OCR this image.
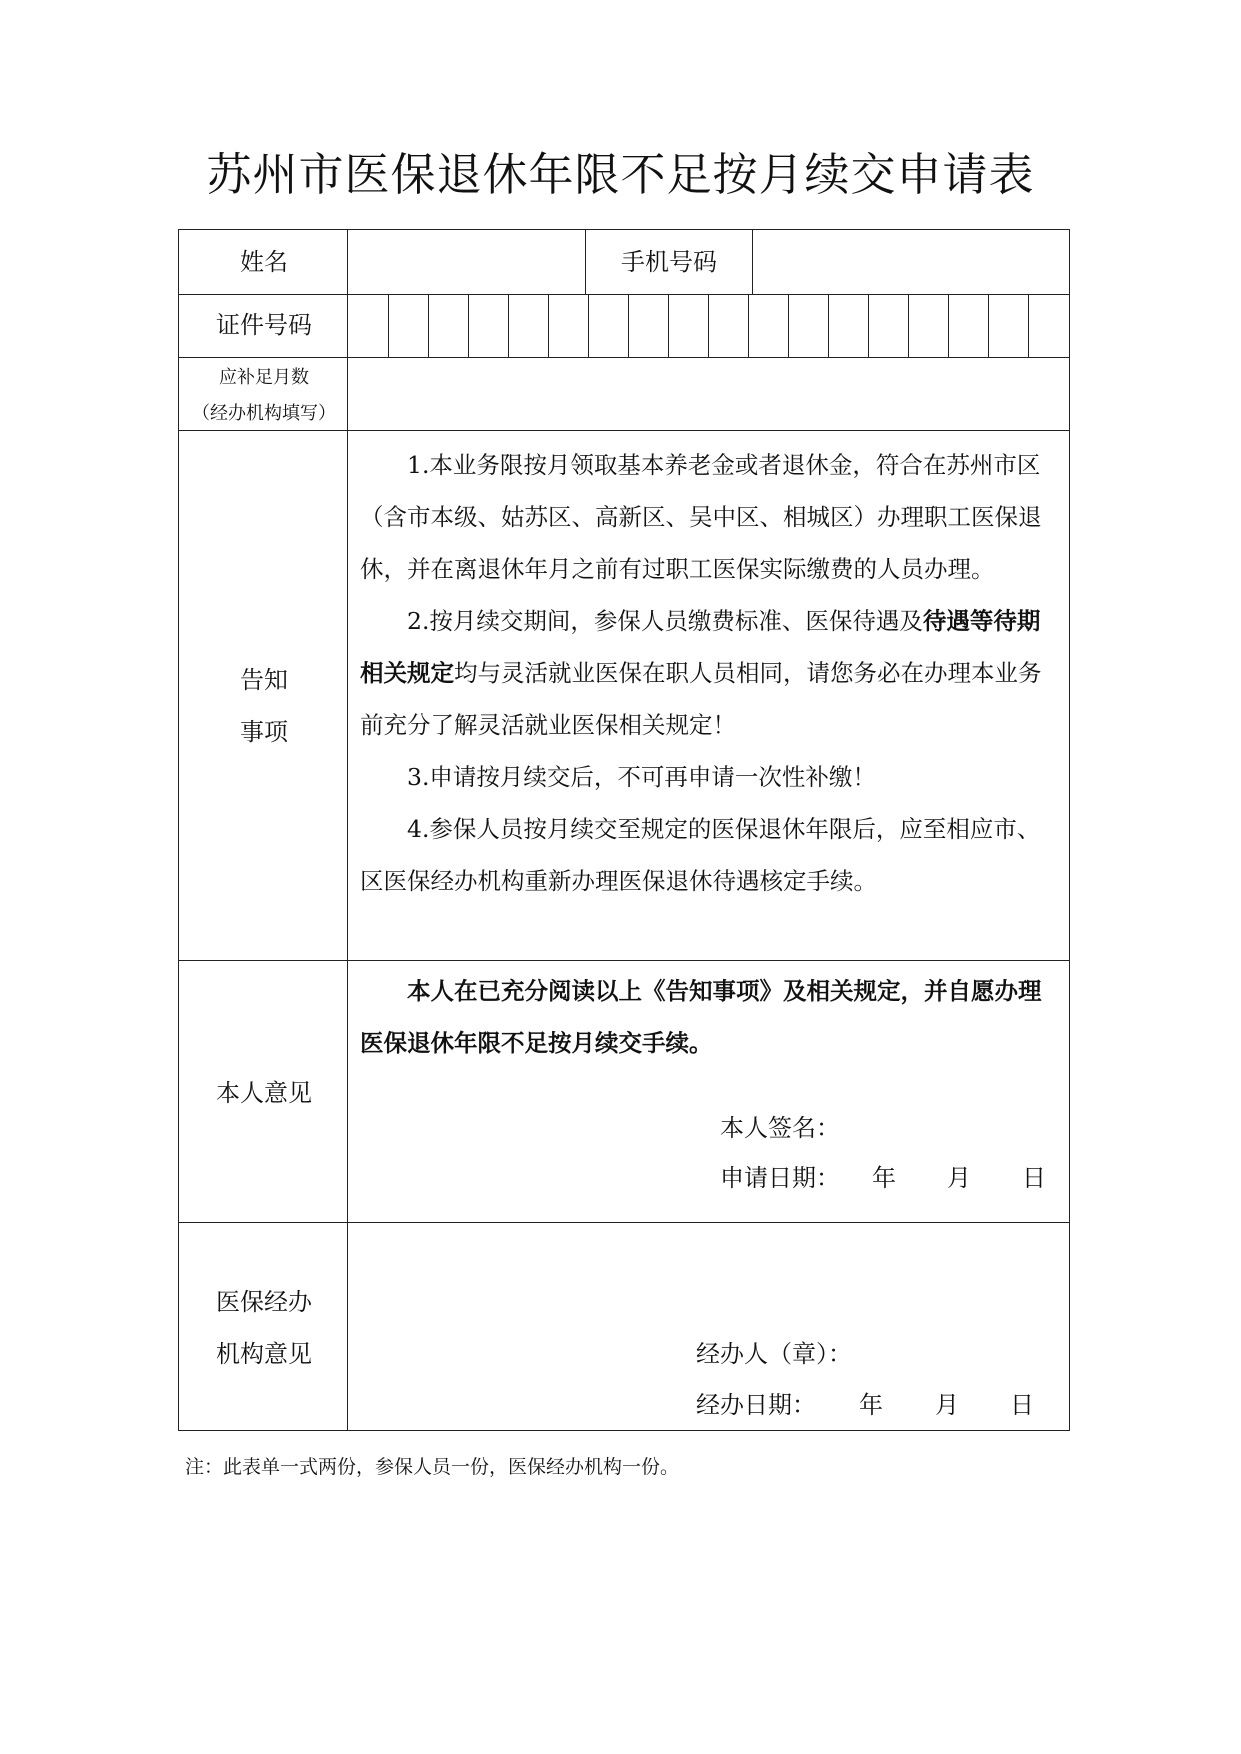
苏州市医保退休年限不足按月续交申请表
姓名	手机号码
证件号码
应补足月数
（经办机构填写）
告知
事项

1.本业务限按月领取基本养老金或者退休金，符合在苏州市区（含市本级、姑苏区、高新区、吴中区、相城区）办理职工医保退休，并在离退休年月之前有过职工医保实际缴费的人员办理。

2.按月续交期间，参保人员缴费标准、医保待遇及待遇等待期相关规定均与灵活就业医保在职人员相同，请您务必在办理本业务前充分了解灵活就业医保相关规定！

3.申请按月续交后，不可再申请一次性补缴！

4.参保人员按月续交至规定的医保退休年限后，应至相应市、区医保经办机构重新办理医保退休待遇核定手续。

本人意见

本人在已充分阅读以上《告知事项》及相关规定，并自愿办理医保退休年限不足按月续交手续。

本人签名：
申请日期： 年 月 日
医保经办
机构意见	经办人（章）：
经办日期： 年 月 日
注：此表单一式两份，参保人员一份，医保经办机构一份。
